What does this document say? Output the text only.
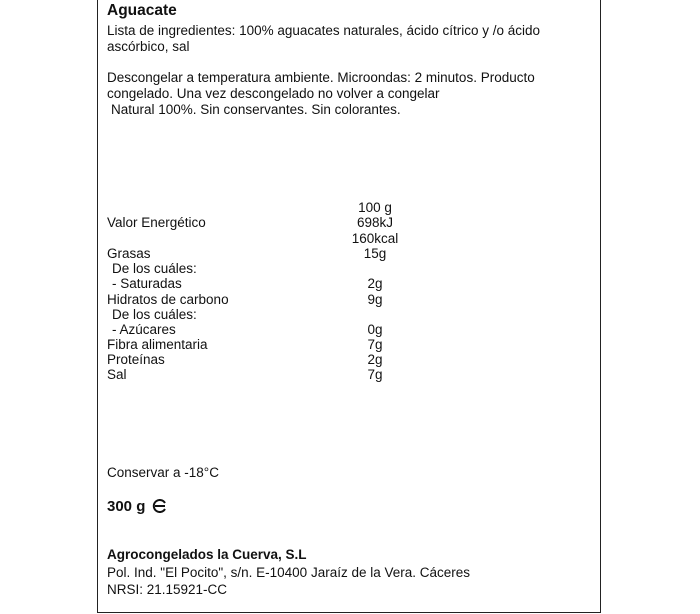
Aguacate
Lista de ingredientes: 100% aguacates naturales, ácido cítrico y /o ácido ascórbico, sal
Descongelar a temperatura ambiente. Microondas: 2 minutos. Producto
congelado. Una vez descongelado no volver a congelar
Natural 100%. Sin conservantes. Sin colorantes.
100 g
Valor Energético	698kJ
160kcal
Grasas	15g
De los cuáles:
- Saturadas	2g
Hidratos de carbono	9g
De los cuáles:
- Azúcares	0g
Fibra alimentaria	7g
Proteínas	2g
Sal	7g
Conservar a -18°C
300 g
Agrocongelados la Cuerva, S.L
Pol. Ind. "El Pocito", s/n. E-10400 Jaraíz de la Vera. Cáceres
NRSI: 21.15921-CC
